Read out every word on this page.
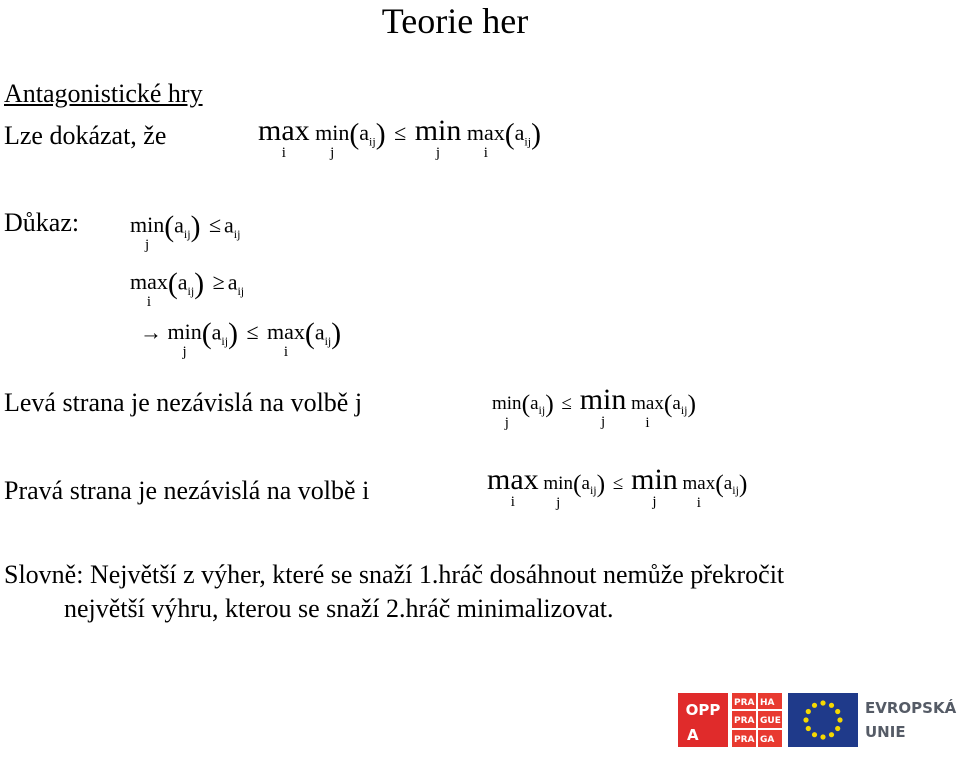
Teorie her
Antagonistické hry
Lze dokázat, že	max
i
min
j
$(a_{ij}) \le \min$
j
max
i
$(a_{ij})$
Důkaz: min
j
$(a_{ij}) \le a_{ij}$
max
i
$(a_{ij}) \ge a_{ij}$
→ min
j
$(a_{ij}) \le \max$
i
$(a_{ij})$
Levá strana je nezávislá na volbě j	min
j
$(a_{ij}) \le \min$
j
max
i
$(a_{ij})$
Pravá strana je nezávislá na volbě i	max
i
min
j
$(a_{ij}) \le \min$
j
max
i
$(a_{ij})$
Slovně: Největší z výher, které se snaží 1.hráč dosáhnout nemůže překročit
největší výhru, kterou se snaží 2.hráč minimalizovat.
OPP
A
PRA HA
PRA GUE
PRA GA
EVROPSKÁ
UNIE
